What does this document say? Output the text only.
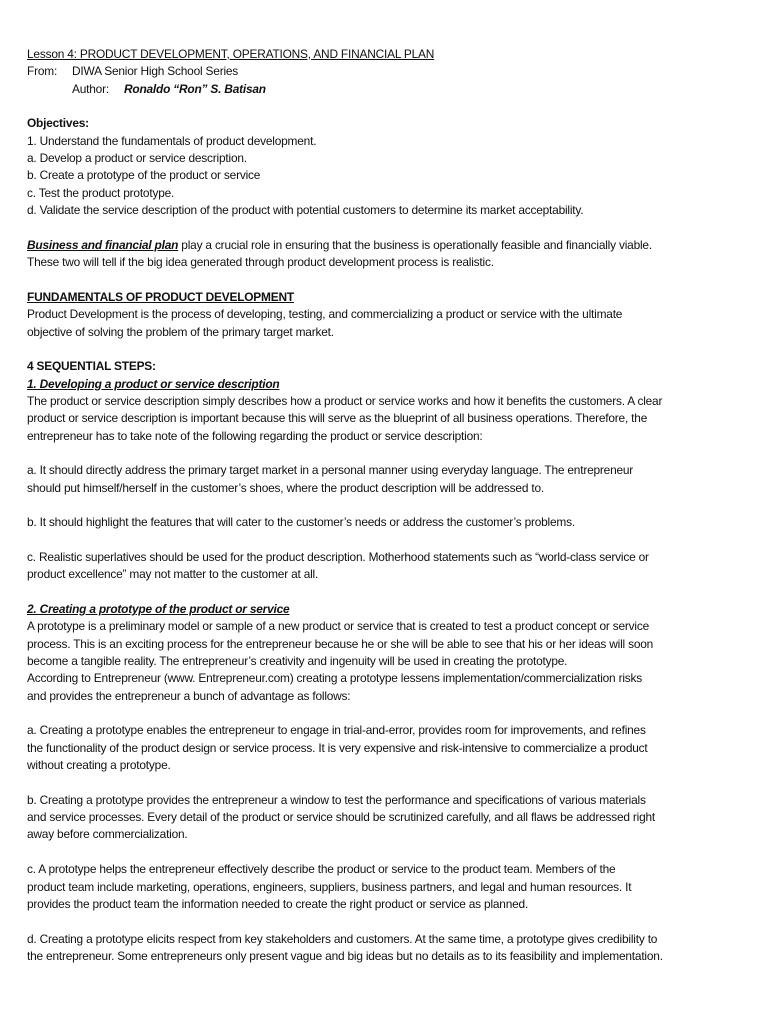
Lesson 4: PRODUCT DEVELOPMENT, OPERATIONS, AND FINANCIAL PLAN
From: DIWA Senior High School Series
Author: Ronaldo “Ron” S. Batisan
Objectives:
1. Understand the fundamentals of product development.
a. Develop a product or service description.
b. Create a prototype of the product or service
c. Test the product prototype.
d. Validate the service description of the product with potential customers to determine its market acceptability.
Business and financial plan play a crucial role in ensuring that the business is operationally feasible and financially viable.
These two will tell if the big idea generated through product development process is realistic.
FUNDAMENTALS OF PRODUCT DEVELOPMENT
Product Development is the process of developing, testing, and commercializing a product or service with the ultimate
objective of solving the problem of the primary target market.
4 SEQUENTIAL STEPS:
1. Developing a product or service description
The product or service description simply describes how a product or service works and how it benefits the customers. A clear
product or service description is important because this will serve as the blueprint of all business operations. Therefore, the
entrepreneur has to take note of the following regarding the product or service description:
a. It should directly address the primary target market in a personal manner using everyday language. The entrepreneur
should put himself/herself in the customer’s shoes, where the product description will be addressed to.
b. It should highlight the features that will cater to the customer’s needs or address the customer’s problems.
c. Realistic superlatives should be used for the product description. Motherhood statements such as “world-class service or
product excellence” may not matter to the customer at all.
2. Creating a prototype of the product or service
A prototype is a preliminary model or sample of a new product or service that is created to test a product concept or service
process. This is an exciting process for the entrepreneur because he or she will be able to see that his or her ideas will soon
become a tangible reality. The entrepreneur’s creativity and ingenuity will be used in creating the prototype.
According to Entrepreneur (www. Entrepreneur.com) creating a prototype lessens implementation/commercialization risks
and provides the entrepreneur a bunch of advantage as follows:
a. Creating a prototype enables the entrepreneur to engage in trial-and-error, provides room for improvements, and refines
the functionality of the product design or service process. It is very expensive and risk-intensive to commercialize a product
without creating a prototype.
b. Creating a prototype provides the entrepreneur a window to test the performance and specifications of various materials
and service processes. Every detail of the product or service should be scrutinized carefully, and all flaws be addressed right
away before commercialization.
c. A prototype helps the entrepreneur effectively describe the product or service to the product team. Members of the
product team include marketing, operations, engineers, suppliers, business partners, and legal and human resources. It
provides the product team the information needed to create the right product or service as planned.
d. Creating a prototype elicits respect from key stakeholders and customers. At the same time, a prototype gives credibility to
the entrepreneur. Some entrepreneurs only present vague and big ideas but no details as to its feasibility and implementation.
